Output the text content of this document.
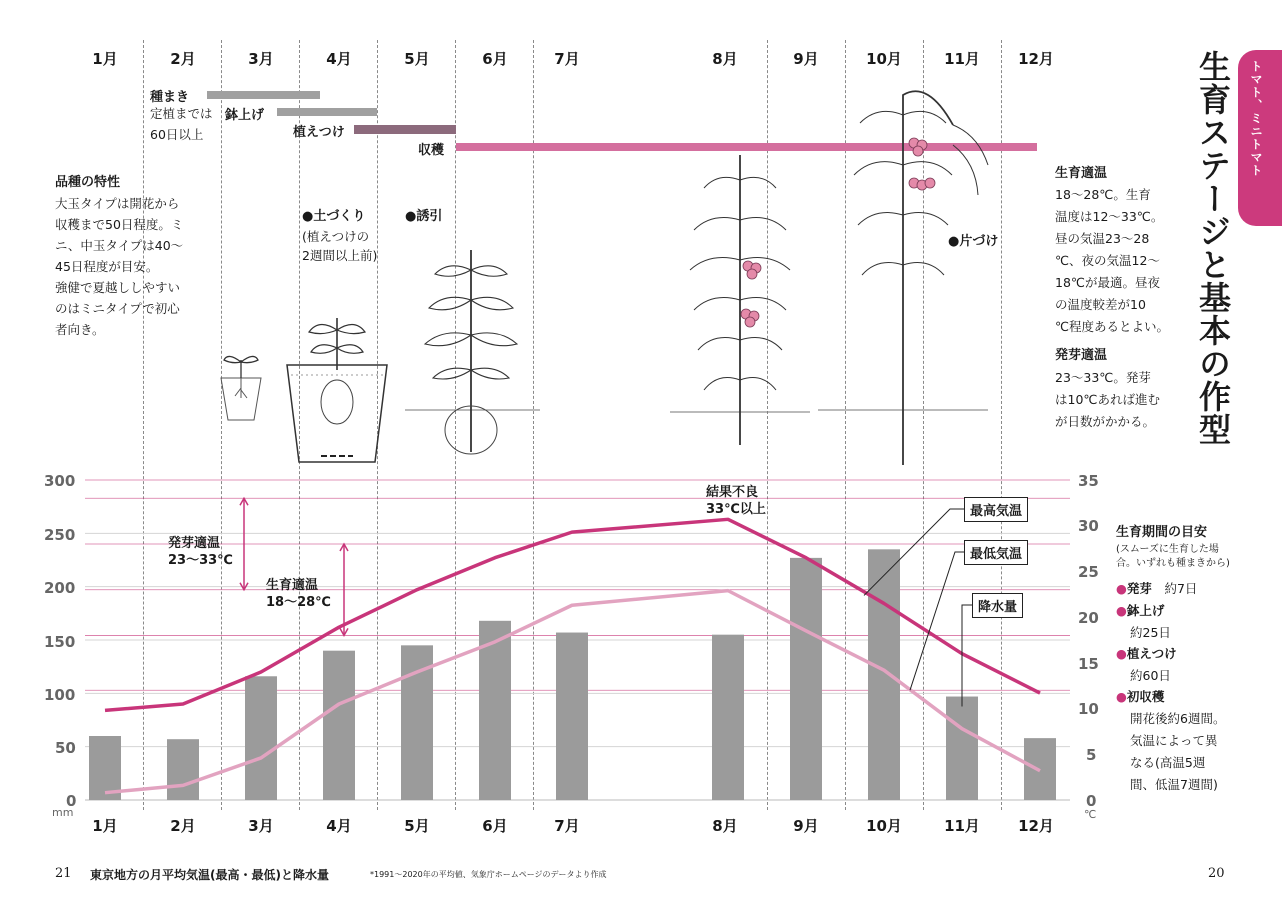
1月	2月	3月	4月	5月	6月	7月	8月	9月	10月	11月	12月
種まき
定植までは
60日以上
鉢上げ
植えつけ
収穫
品種の特性
大玉タイプは開花から
収穫まで50日程度。ミ
ニ、中玉タイプは40〜
45日程度が目安。
強健で夏越ししやすい
のはミニタイプで初心
者向き。
●土づくり
(植えつけの
2週間以上前)
●誘引
●片づけ
トマト、ミニトマト
生育ステージと基本の作型
生育適温
18〜28℃。生育
温度は12〜33℃。
昼の気温23〜28
℃、夜の気温12〜
18℃が最適。昼夜
の温度較差が10
℃程度あるとよい。
発芽適温
23〜33℃。発芽
は10℃あれば進む
が日数がかかる。
300
250
200
150
100
50
0
mm
35
30
25
20
15
10
5
0
℃
発芽適温
23〜33℃
生育適温
18〜28℃
結果不良
33℃以上	最高気温
最低気温
降水量
生育期間の目安
(スムーズに生育した場
合。いずれも種まきから)
●発芽　 約7日
●鉢上げ
約25日
●植えつけ
約60日
●初収穫
開花後約6週間。
気温によって異
なる(高温5週
間、低温7週間)
1月	2月	3月	4月	5月	6月	7月	8月	9月	10月	11月	12月
21 東京地方の月平均気温(最高・最低)と降水量	*1991〜2020年の平均値、気象庁ホームページのデータより作成	20
